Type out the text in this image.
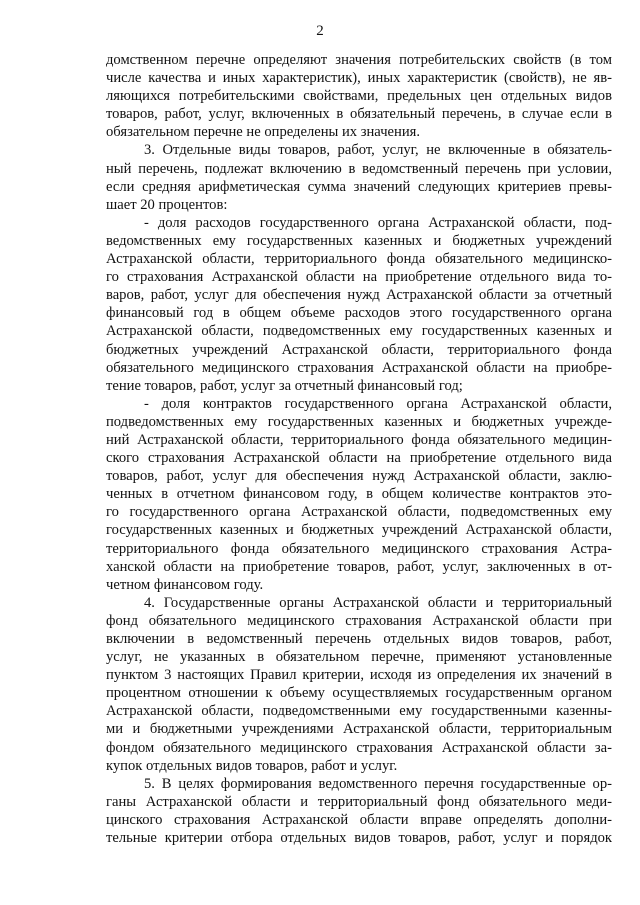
2

домственном перечне определяют значения потребительских свойств (в том
числе качества и иных характеристик), иных характеристик (свойств), не яв-
ляющихся потребительскими свойствами, предельных цен отдельных видов
товаров, работ, услуг, включенных в обязательный перечень, в случае если в
обязательном перечне не определены их значения.

3. Отдельные виды товаров, работ, услуг, не включенные в обязатель-
ный перечень, подлежат включению в ведомственный перечень при условии,
если средняя арифметическая сумма значений следующих критериев превы-
шает 20 процентов:

- доля расходов государственного органа Астраханской области, под-
ведомственных ему государственных казенных и бюджетных учреждений
Астраханской области, территориального фонда обязательного медицинско-
го страхования Астраханской области на приобретение отдельного вида то-
варов, работ, услуг для обеспечения нужд Астраханской области за отчетный
финансовый год в общем объеме расходов этого государственного органа
Астраханской области, подведомственных ему государственных казенных и
бюджетных учреждений Астраханской области, территориального фонда
обязательного медицинского страхования Астраханской области на приобре-
тение товаров, работ, услуг за отчетный финансовый год;

- доля контрактов государственного органа Астраханской области,
подведомственных ему государственных казенных и бюджетных учрежде-
ний Астраханской области, территориального фонда обязательного медицин-
ского страхования Астраханской области на приобретение отдельного вида
товаров, работ, услуг для обеспечения нужд Астраханской области, заклю-
ченных в отчетном финансовом году, в общем количестве контрактов это-
го государственного органа Астраханской области, подведомственных ему
государственных казенных и бюджетных учреждений Астраханской области,
территориального фонда обязательного медицинского страхования Астра-
ханской области на приобретение товаров, работ, услуг, заключенных в от-
четном финансовом году.

4. Государственные органы Астраханской области и территориальный
фонд обязательного медицинского страхования Астраханской области при
включении в ведомственный перечень отдельных видов товаров, работ,
услуг, не указанных в обязательном перечне, применяют установленные
пунктом 3 настоящих Правил критерии, исходя из определения их значений в
процентном отношении к объему осуществляемых государственным органом
Астраханской области, подведомственными ему государственными казенны-
ми и бюджетными учреждениями Астраханской области, территориальным
фондом обязательного медицинского страхования Астраханской области за-
купок отдельных видов товаров, работ и услуг.

5. В целях формирования ведомственного перечня государственные ор-
ганы Астраханской области и территориальный фонд обязательного меди-
цинского страхования Астраханской области вправе определять дополни-
тельные критерии отбора отдельных видов товаров, работ, услуг и порядок
